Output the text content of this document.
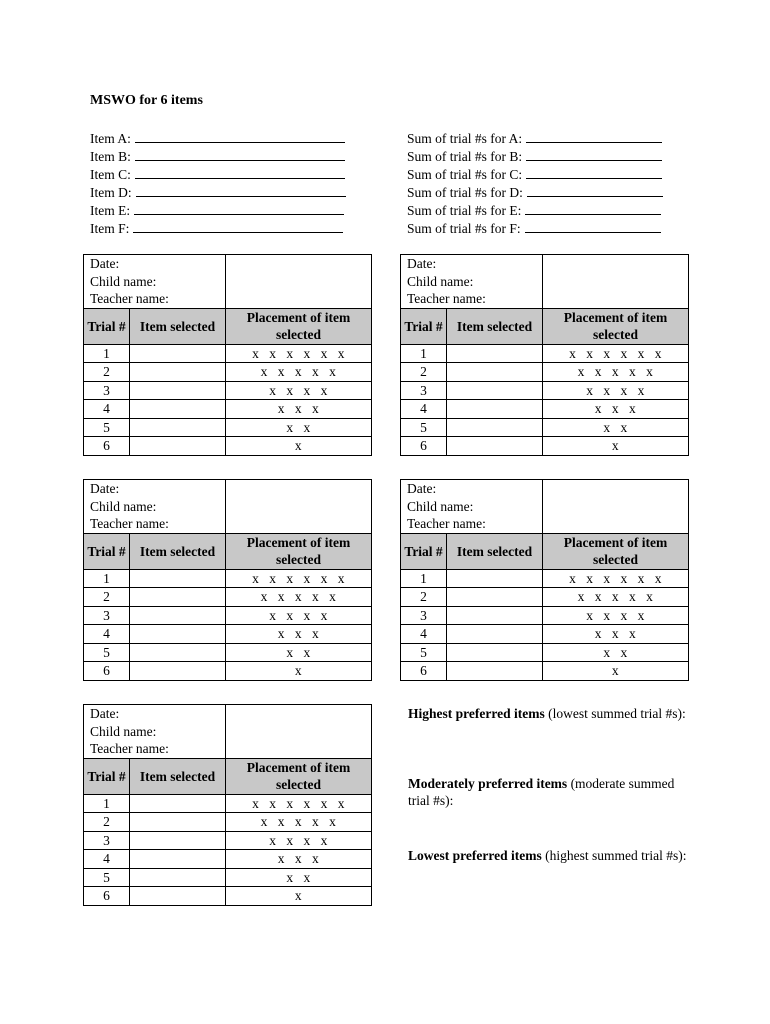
MSWO for 6 items
Item A:
Item B:
Item C:
Item D:
Item E:
Item F:
Sum of trial #s for A:
Sum of trial #s for B:
Sum of trial #s for C:
Sum of trial #s for D:
Sum of trial #s for E:
Sum of trial #s for F:
Date:		
Child name:		
Teacher name:		
Trial #	Item selected	Placement of item selected
1		x x x x x x
2		x x x x x
3		x x x x
4		x x x
5		x x
6		x
Date:		
Child name:		
Teacher name:		
Trial #	Item selected	Placement of item selected
1		x x x x x x
2		x x x x x
3		x x x x
4		x x x
5		x x
6		x
Date:		
Child name:		
Teacher name:		
Trial #	Item selected	Placement of item selected
1		x x x x x x
2		x x x x x
3		x x x x
4		x x x
5		x x
6		x
Date:		
Child name:		
Teacher name:		
Trial #	Item selected	Placement of item selected
1		x x x x x x
2		x x x x x
3		x x x x
4		x x x
5		x x
6		x
Date:		
Child name:		
Teacher name:		
Trial #	Item selected	Placement of item selected
1		x x x x x x
2		x x x x x
3		x x x x
4		x x x
5		x x
6		x
Highest preferred items (lowest summed trial #s):
Moderately preferred items (moderate summed trial #s):
Lowest preferred items (highest summed trial #s):
